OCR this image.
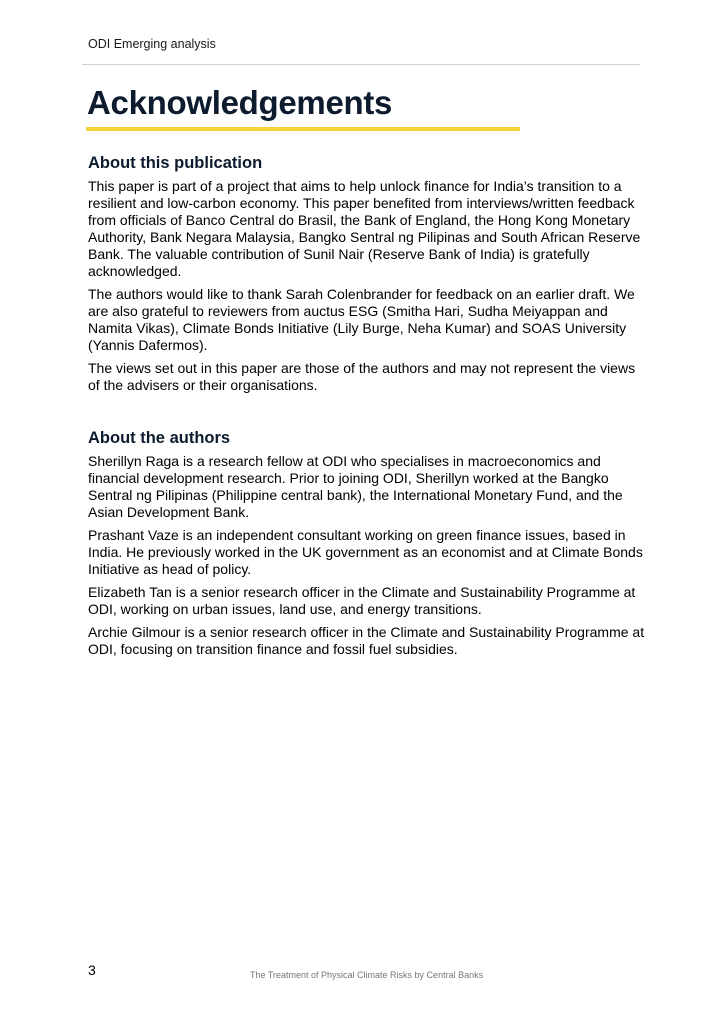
ODI Emerging analysis
Acknowledgements
About this publication

This paper is part of a project that aims to help unlock finance for India’s transition to a resilient and low-carbon economy. This paper benefited from interviews/written feedback from officials of Banco Central do Brasil, the Bank of England, the Hong Kong Monetary Authority, Bank Negara Malaysia, Bangko Sentral ng Pilipinas and South African Reserve Bank. The valuable contribution of Sunil Nair (Reserve Bank of India) is gratefully acknowledged.

The authors would like to thank Sarah Colenbrander for feedback on an earlier draft. We are also grateful to reviewers from auctus ESG (Smitha Hari, Sudha Meiyappan and Namita Vikas), Climate Bonds Initiative (Lily Burge, Neha Kumar) and SOAS University (Yannis Dafermos).

The views set out in this paper are those of the authors and may not represent the views of the advisers or their organisations.

About the authors

Sherillyn Raga is a research fellow at ODI who specialises in macroeconomics and financial development research. Prior to joining ODI, Sherillyn worked at the Bangko Sentral ng Pilipinas (Philippine central bank), the International Monetary Fund, and the Asian Development Bank.

Prashant Vaze is an independent consultant working on green finance issues, based in India. He previously worked in the UK government as an economist and at Climate Bonds Initiative as head of policy.

Elizabeth Tan is a senior research officer in the Climate and Sustainability Programme at ODI, working on urban issues, land use, and energy transitions.

Archie Gilmour is a senior research officer in the Climate and Sustainability Programme at ODI, focusing on transition finance and fossil fuel subsidies.

3	The Treatment of Physical Climate Risks by Central Banks
